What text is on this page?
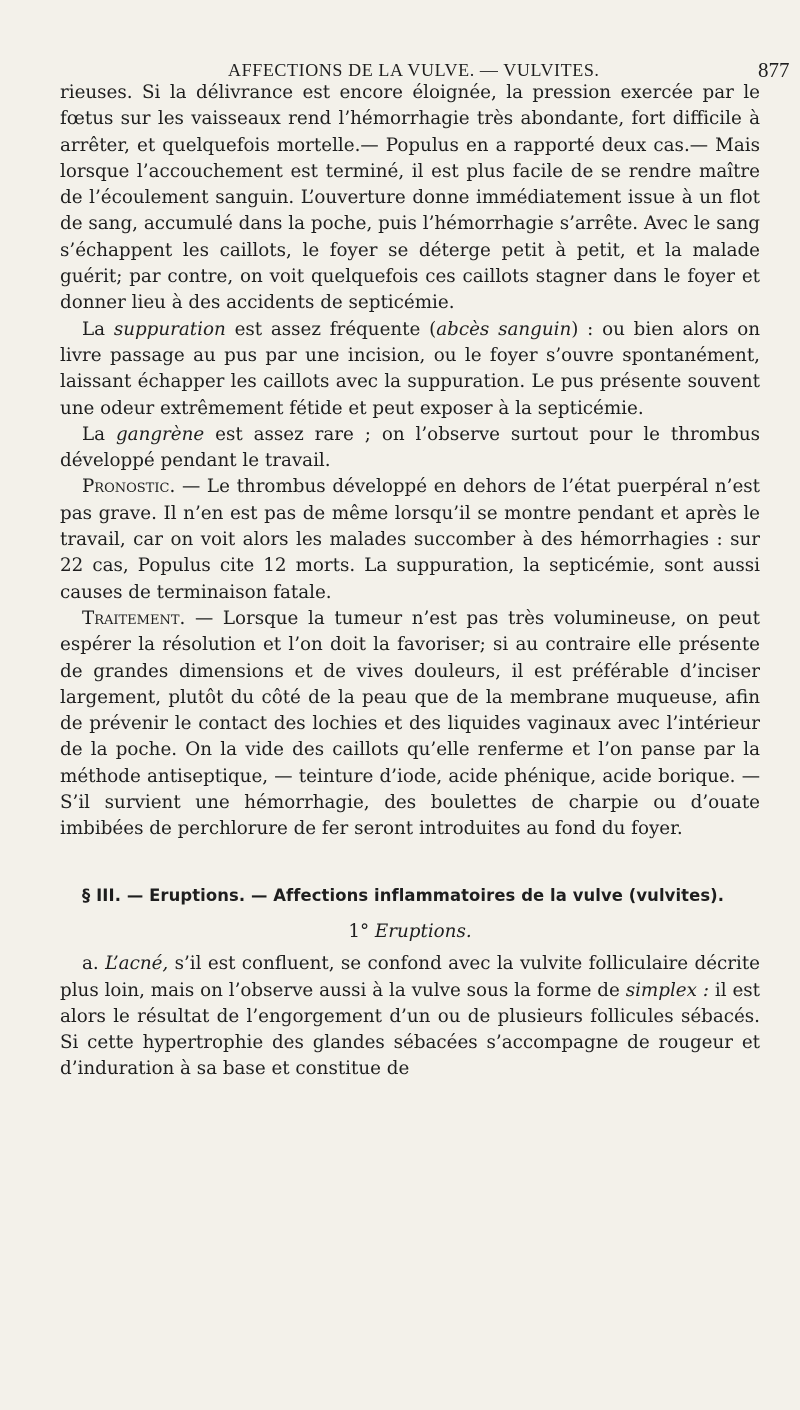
AFFECTIONS DE LA VULVE. — VULVITES.	877

rieuses. Si la délivrance est encore éloignée, la pression exercée par le fœtus sur les vaisseaux rend l’hémorrhagie très abondante, fort difficile à arrêter, et quelquefois mortelle.— Populus en a rapporté deux cas.— Mais lorsque l’accouchement est terminé, il est plus facile de se rendre maître de l’écoulement sanguin. L’ouverture donne immédiatement issue à un flot de sang, accumulé dans la poche, puis l’hémorrhagie s’arrête. Avec le sang s’échappent les caillots, le foyer se déterge petit à petit, et la malade guérit; par contre, on voit quelquefois ces caillots stagner dans le foyer et donner lieu à des accidents de septicémie.

La suppuration est assez fréquente (abcès sanguin) : ou bien alors on livre passage au pus par une incision, ou le foyer s’ouvre spontanément, laissant échapper les caillots avec la suppuration. Le pus présente souvent une odeur extrêmement fétide et peut exposer à la septicémie.

La gangrène est assez rare ; on l’observe surtout pour le thrombus développé pendant le travail.

Pronostic. — Le thrombus développé en dehors de l’état puerpéral n’est pas grave. Il n’en est pas de même lorsqu’il se montre pendant et après le travail, car on voit alors les malades succomber à des hémorrhagies : sur 22 cas, Populus cite 12 morts. La suppuration, la septicémie, sont aussi causes de terminaison fatale.

Traitement. — Lorsque la tumeur n’est pas très volumineuse, on peut espérer la résolution et l’on doit la favoriser; si au contraire elle présente de grandes dimensions et de vives douleurs, il est préférable d’inciser largement, plutôt du côté de la peau que de la membrane muqueuse, afin de prévenir le contact des lochies et des liquides vaginaux avec l’intérieur de la poche. On la vide des caillots qu’elle renferme et l’on panse par la méthode antiseptique, — teinture d’iode, acide phénique, acide borique. — S’il survient une hémorrhagie, des boulettes de charpie ou d’ouate imbibées de perchlorure de fer seront introduites au fond du foyer.

§ III. — Eruptions. — Affections inflammatoires de la vulve (vulvites).

1° Eruptions.

a. L’acné, s’il est confluent, se confond avec la vulvite folliculaire décrite plus loin, mais on l’observe aussi à la vulve sous la forme de simplex : il est alors le résultat de l’engorgement d’un ou de plusieurs follicules sébacés. Si cette hypertrophie des glandes sébacées s’accompagne de rougeur et d’induration à sa base et constitue de
